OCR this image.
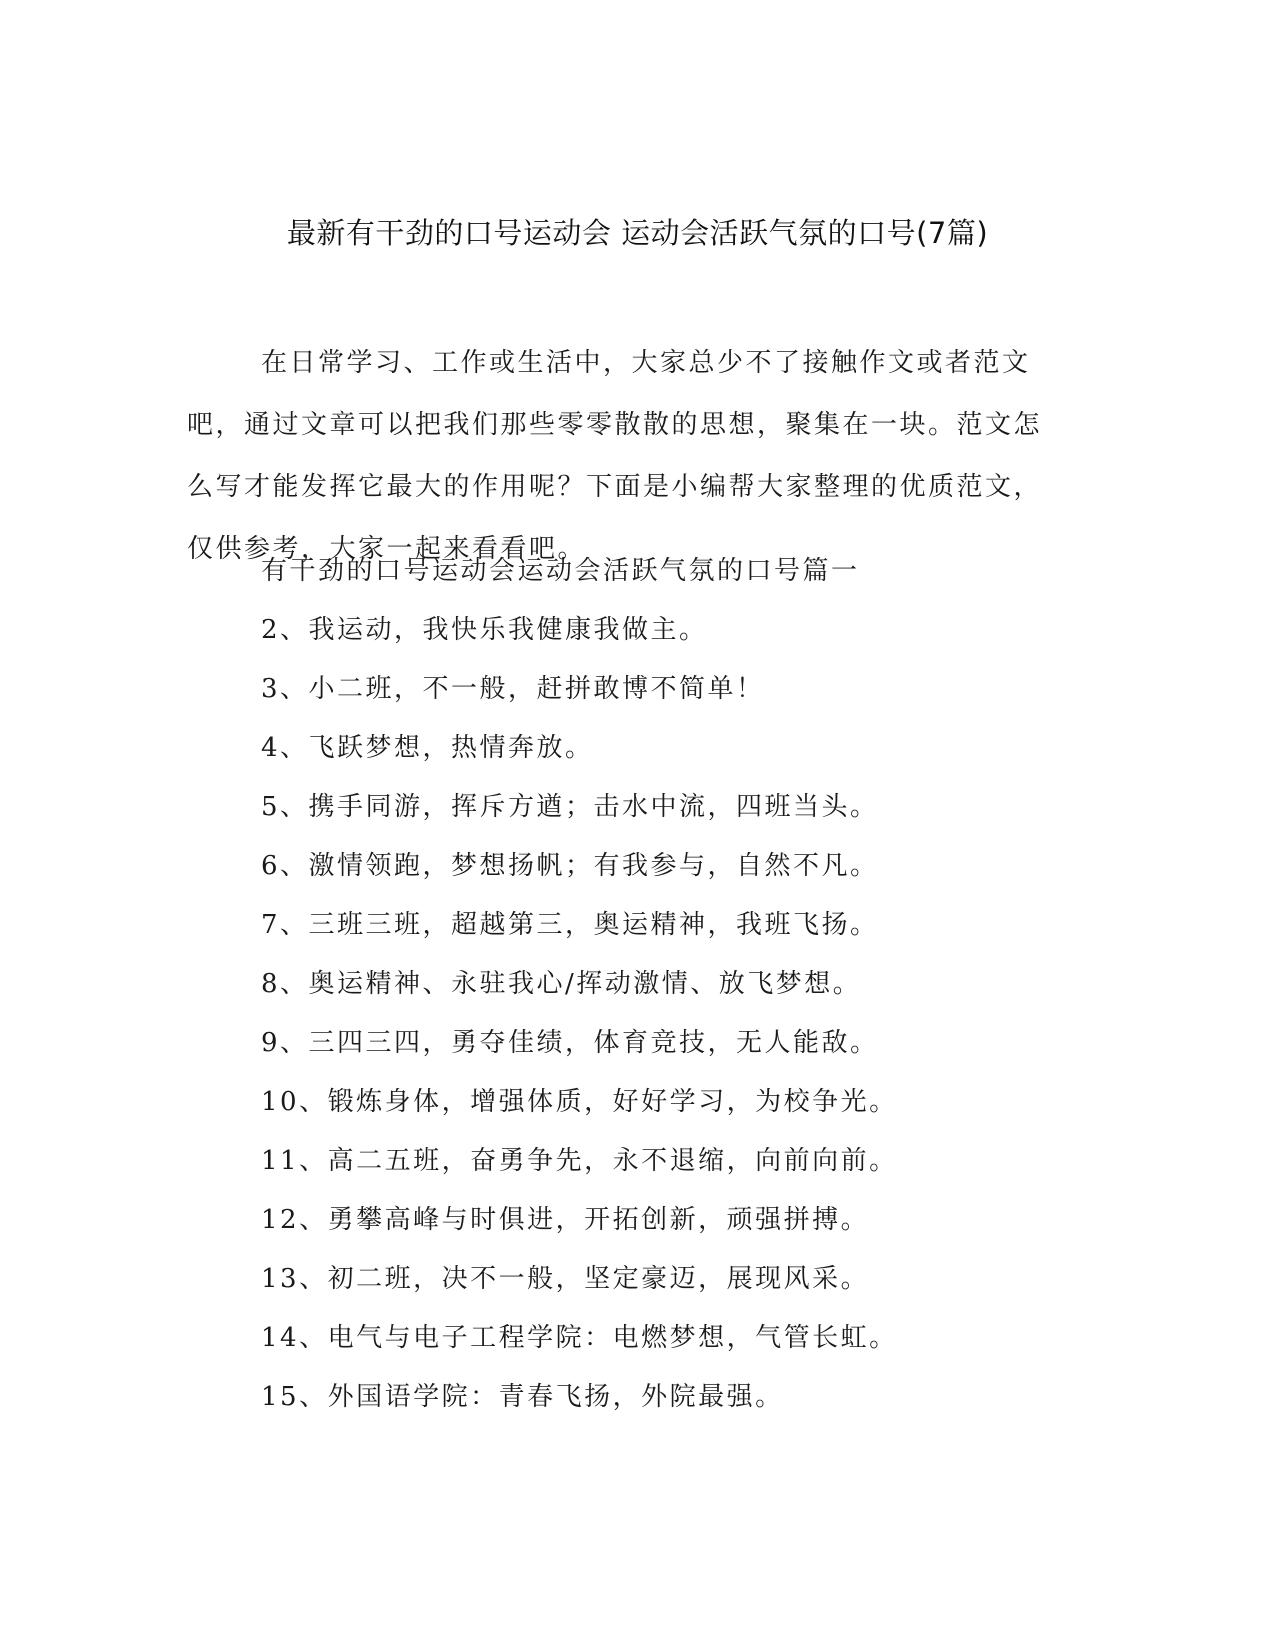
最新有干劲的口号运动会 运动会活跃气氛的口号(7篇)
在日常学习、工作或生活中，大家总少不了接触作文或者范文吧，通过文章可以把我们那些零零散散的思想，聚集在一块。范文怎么写才能发挥它最大的作用呢？下面是小编帮大家整理的优质范文，仅供参考，大家一起来看看吧。
有干劲的口号运动会运动会活跃气氛的口号篇一
2、我运动，我快乐我健康我做主。
3、小二班，不一般，赶拼敢博不简单！
4、飞跃梦想，热情奔放。
5、携手同游，挥斥方遒；击水中流，四班当头。
6、激情领跑，梦想扬帆；有我参与，自然不凡。
7、三班三班，超越第三，奥运精神，我班飞扬。
8、奥运精神、永驻我心/挥动激情、放飞梦想。
9、三四三四，勇夺佳绩，体育竞技，无人能敌。
10、锻炼身体，增强体质，好好学习，为校争光。
11、高二五班，奋勇争先，永不退缩，向前向前。
12、勇攀高峰与时俱进，开拓创新，顽强拼搏。
13、初二班，决不一般，坚定豪迈，展现风采。
14、电气与电子工程学院：电燃梦想，气管长虹。
15、外国语学院：青春飞扬，外院最强。
